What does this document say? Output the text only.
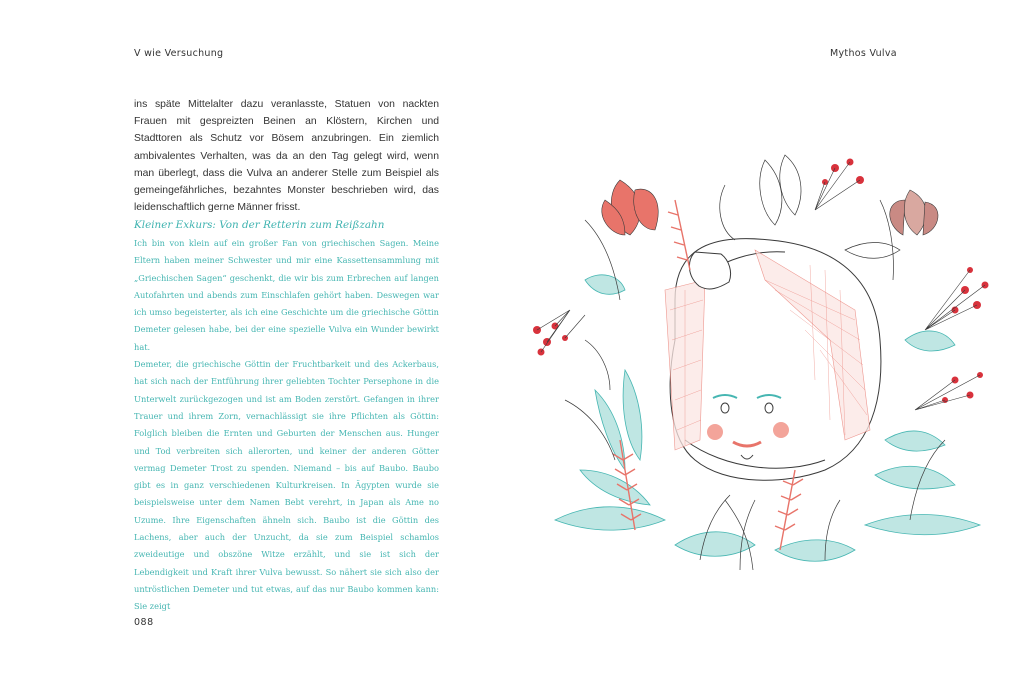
V wie Versuchung	Mythos Vulva

ins späte Mittelalter dazu veranlasste, Statuen von nackten Frauen mit gespreizten Beinen an Klöstern, Kirchen und Stadttoren als Schutz vor Bösem anzubringen. Ein ziemlich ambivalentes Verhalten, was da an den Tag gelegt wird, wenn man überlegt, dass die Vulva an anderer Stelle zum Beispiel als gemeingefährliches, bezahntes Monster beschrieben wird, das leidenschaftlich gerne Männer frisst.

Kleiner Exkurs: Von der Retterin zum Reißzahn

Ich bin von klein auf ein großer Fan von griechischen Sagen. Meine Eltern haben meiner Schwester und mir eine Kassettensammlung mit „Griechischen Sagen“ geschenkt, die wir bis zum Erbrechen auf langen Autofahrten und abends zum Einschlafen gehört haben. Deswegen war ich umso begeisterter, als ich eine Geschichte um die griechische Göttin Demeter gelesen habe, bei der eine spezielle Vulva ein Wunder bewirkt hat.

Demeter, die griechische Göttin der Fruchtbarkeit und des Ackerbaus, hat sich nach der Entführung ihrer geliebten Tochter Persephone in die Unterwelt zurückgezogen und ist am Boden zerstört. Gefangen in ihrer Trauer und ihrem Zorn, vernachlässigt sie ihre Pflichten als Göttin: Folglich bleiben die Ernten und Geburten der Menschen aus. Hunger und Tod verbreiten sich allerorten, und keiner der anderen Götter vermag Demeter Trost zu spenden. Niemand – bis auf Baubo. Baubo gibt es in ganz verschiedenen Kulturkreisen. In Ägypten wurde sie beispielsweise unter dem Namen Bebt verehrt, in Japan als Ame no Uzume. Ihre Eigenschaften ähneln sich. Baubo ist die Göttin des Lachens, aber auch der Unzucht, da sie zum Beispiel schamlos zweideutige und obszöne Witze erzählt, und sie ist sich der Lebendigkeit und Kraft ihrer Vulva bewusst. So nähert sie sich also der untröstlichen Demeter und tut etwas, auf das nur Baubo kommen kann: Sie zeigt

088
